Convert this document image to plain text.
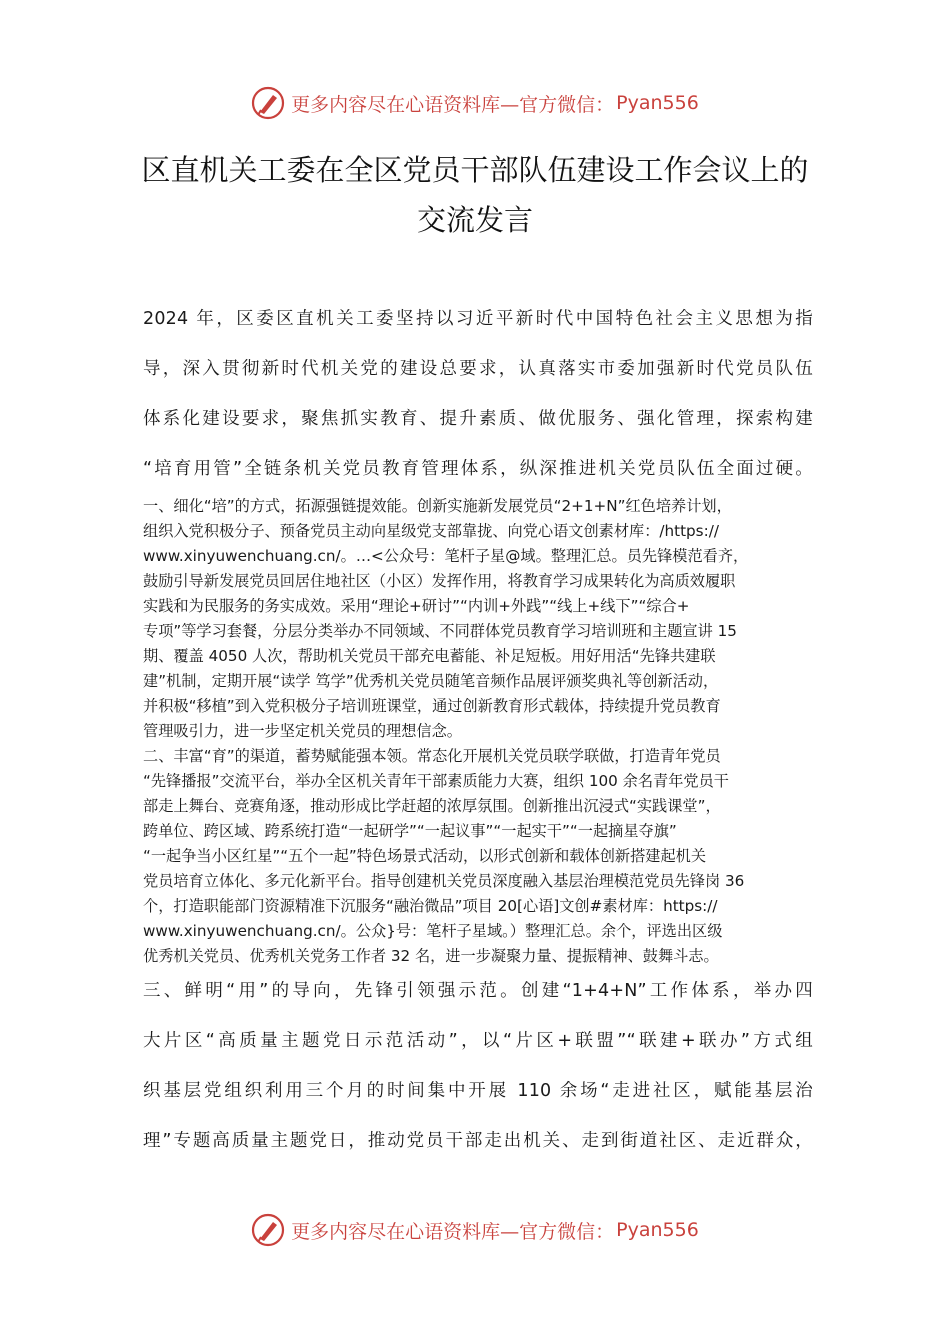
更多内容尽在心语资料库—官方微信： Pyan556
区直机关工委在全区党员干部队伍建设工作会议上的
交流发言
2024 年，区委区直机关工委坚持以习近平新时代中国特色社会主义思想为指
导，深入贯彻新时代机关党的建设总要求，认真落实市委加强新时代党员队伍
体系化建设要求，聚焦抓实教育、提升素质、做优服务、强化管理，探索构建
“培育用管”全链条机关党员教育管理体系，纵深推进机关党员队伍全面过硬。
一、细化“培”的方式，拓源强链提效能。创新实施新发展党员“2+1+N”红色培养计划，
组织入党积极分子、预备党员主动向星级党支部靠拢、向党心语文创素材库：/https://
www.xinyuwenchuang.cn/。…<公众号：笔杆子星@域。整理汇总。员先锋模范看齐，
鼓励引导新发展党员回居住地社区（小区）发挥作用，将教育学习成果转化为高质效履职
实践和为民服务的务实成效。采用“理论+研讨”“内训+外践”“线上+线下”“综合+
专项”等学习套餐，分层分类举办不同领域、不同群体党员教育学习培训班和主题宣讲 15
期、覆盖 4050 人次，帮助机关党员干部充电蓄能、补足短板。用好用活“先锋共建联
建”机制，定期开展“读学 笃学”优秀机关党员随笔音频作品展评颁奖典礼等创新活动，
并积极“移植”到入党积极分子培训班课堂，通过创新教育形式载体，持续提升党员教育
管理吸引力，进一步坚定机关党员的理想信念。
二、丰富“育”的渠道，蓄势赋能强本领。常态化开展机关党员联学联做，打造青年党员
“先锋播报”交流平台，举办全区机关青年干部素质能力大赛，组织 100 余名青年党员干
部走上舞台、竞赛角逐，推动形成比学赶超的浓厚氛围。创新推出沉浸式“实践课堂”，
跨单位、跨区域、跨系统打造“一起研学”“一起议事”“一起实干”“一起摘星夺旗”
“一起争当小区红星”“五个一起”特色场景式活动，以形式创新和载体创新搭建起机关
党员培育立体化、多元化新平台。指导创建机关党员深度融入基层治理模范党员先锋岗 36
个，打造职能部门资源精准下沉服务“融治微品”项目 20[心语]文创#素材库：https://
www.xinyuwenchuang.cn/。公众}号：笔杆子星域。）整理汇总。余个，评选出区级
优秀机关党员、优秀机关党务工作者 32 名，进一步凝聚力量、提振精神、鼓舞斗志。
三、鲜明“用”的导向，先锋引领强示范。创建“1+4+N”工作体系，举办四
大片区“高质量主题党日示范活动”，以“片区+联盟”“联建+联办”方式组
织基层党组织利用三个月的时间集中开展 110 余场“走进社区，赋能基层治
理”专题高质量主题党日，推动党员干部走出机关、走到街道社区、走近群众，
更多内容尽在心语资料库—官方微信： Pyan556
